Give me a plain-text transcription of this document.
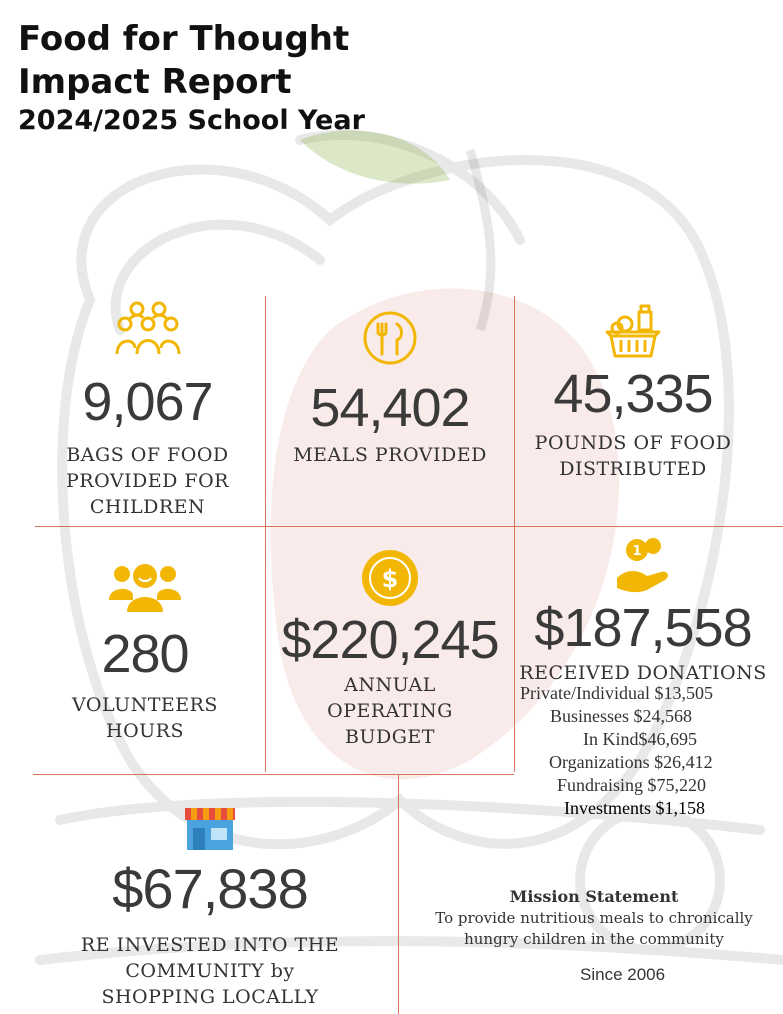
Food for Thought
Impact Report
2024/2025 School Year
9,067
BAGS OF FOOD
PROVIDED FOR
CHILDREN
54,402
MEALS PROVIDED
45,335
POUNDS OF FOOD
DISTRIBUTED
280
VOLUNTEERS
HOURS
$
$220,245
ANNUAL
OPERATING
BUDGET
1
$187,558
RECEIVED DONATIONS
Private/Individual $13,505
Businesses $24,568
In Kind$46,695
Organizations $26,412
Fundraising $75,220
Investments $1,158
$67,838
RE INVESTED INTO THE
COMMUNITY by
SHOPPING LOCALLY
Mission Statement
To provide nutritious meals to chronically
hungry children in the community
Since 2006
